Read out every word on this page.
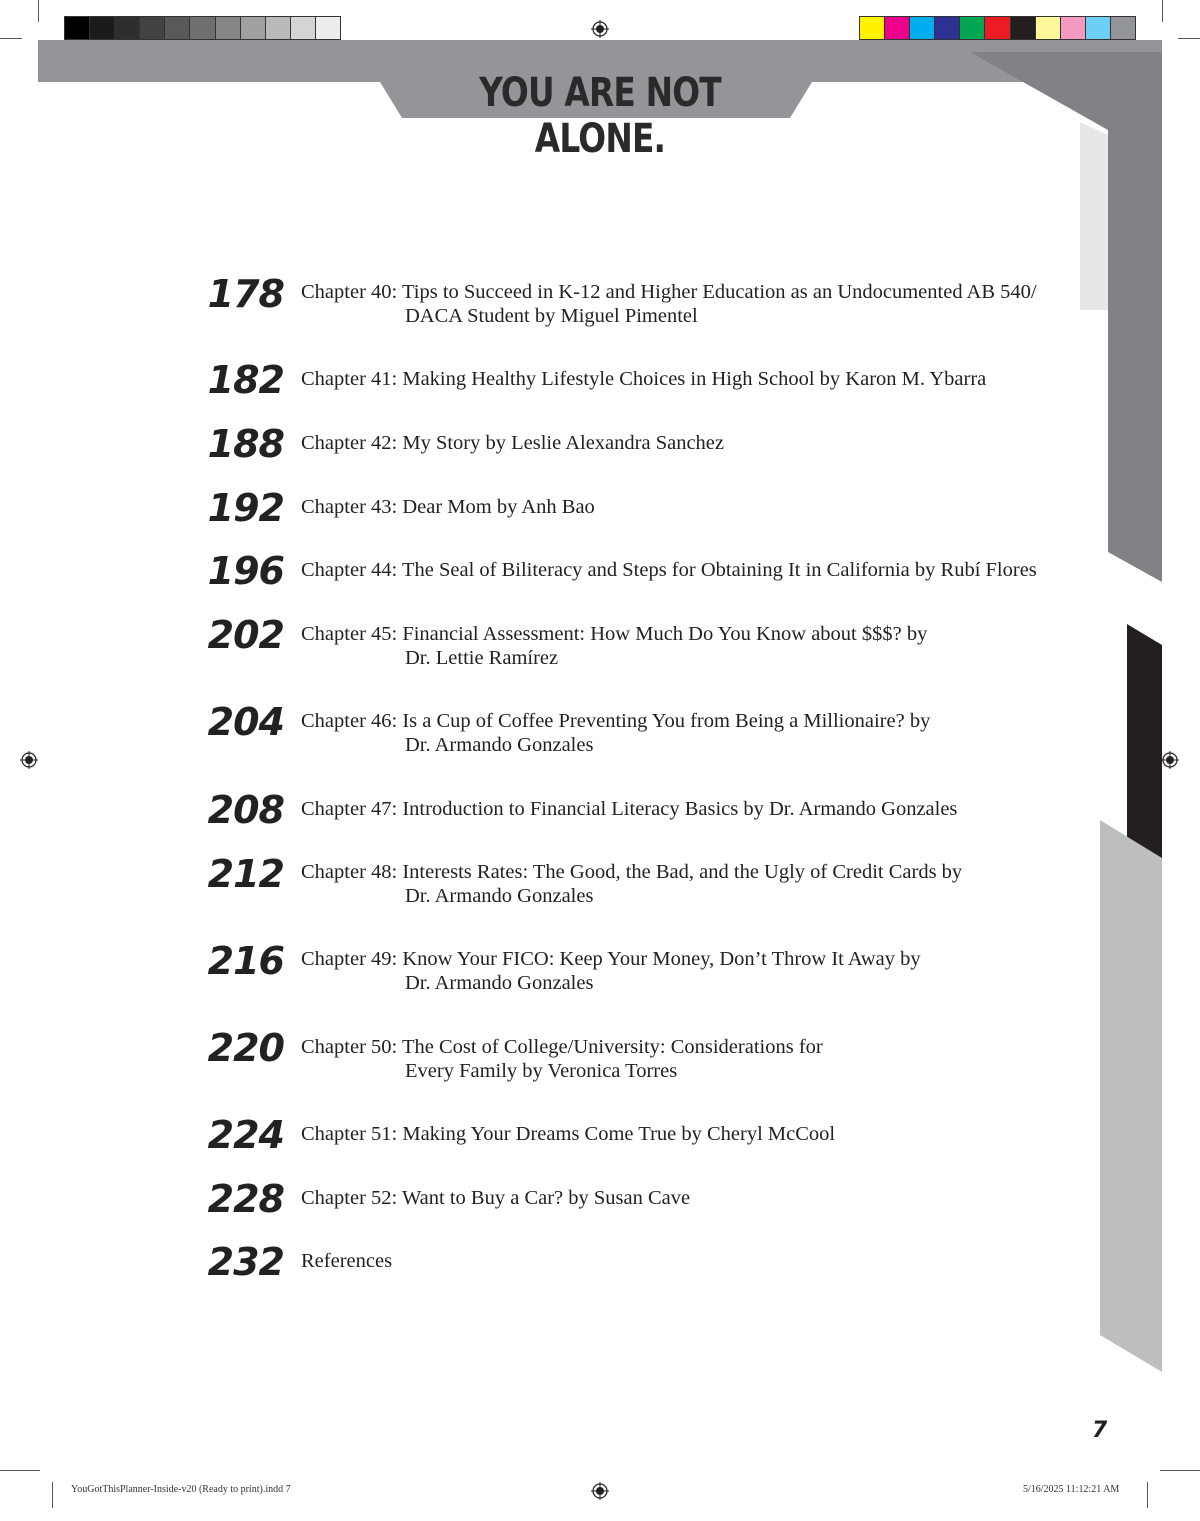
YOU ARE NOT ALONE.
178 Chapter 40: Tips to Succeed in K-12 and Higher Education as an Undocumented AB 540/
DACA Student by Miguel Pimentel
182 Chapter 41: Making Healthy Lifestyle Choices in High School by Karon M. Ybarra
188 Chapter 42: My Story by Leslie Alexandra Sanchez
192 Chapter 43: Dear Mom by Anh Bao
196 Chapter 44: The Seal of Biliteracy and Steps for Obtaining It in California by Rubí Flores
202 Chapter 45: Financial Assessment: How Much Do You Know about $$$? by
Dr. Lettie Ramírez
204 Chapter 46: Is a Cup of Coffee Preventing You from Being a Millionaire? by
Dr. Armando Gonzales
208 Chapter 47: Introduction to Financial Literacy Basics by Dr. Armando Gonzales
212 Chapter 48: Interests Rates: The Good, the Bad, and the Ugly of Credit Cards by
Dr. Armando Gonzales
216 Chapter 49: Know Your FICO: Keep Your Money, Don’t Throw It Away by
Dr. Armando Gonzales
220 Chapter 50: The Cost of College/University: Considerations for
Every Family by Veronica Torres
224 Chapter 51: Making Your Dreams Come True by Cheryl McCool
228 Chapter 52: Want to Buy a Car? by Susan Cave
232 References
7
YouGotThisPlanner-Inside-v20 (Ready to print).indd 7	5/16/2025 11:12:21 AM
